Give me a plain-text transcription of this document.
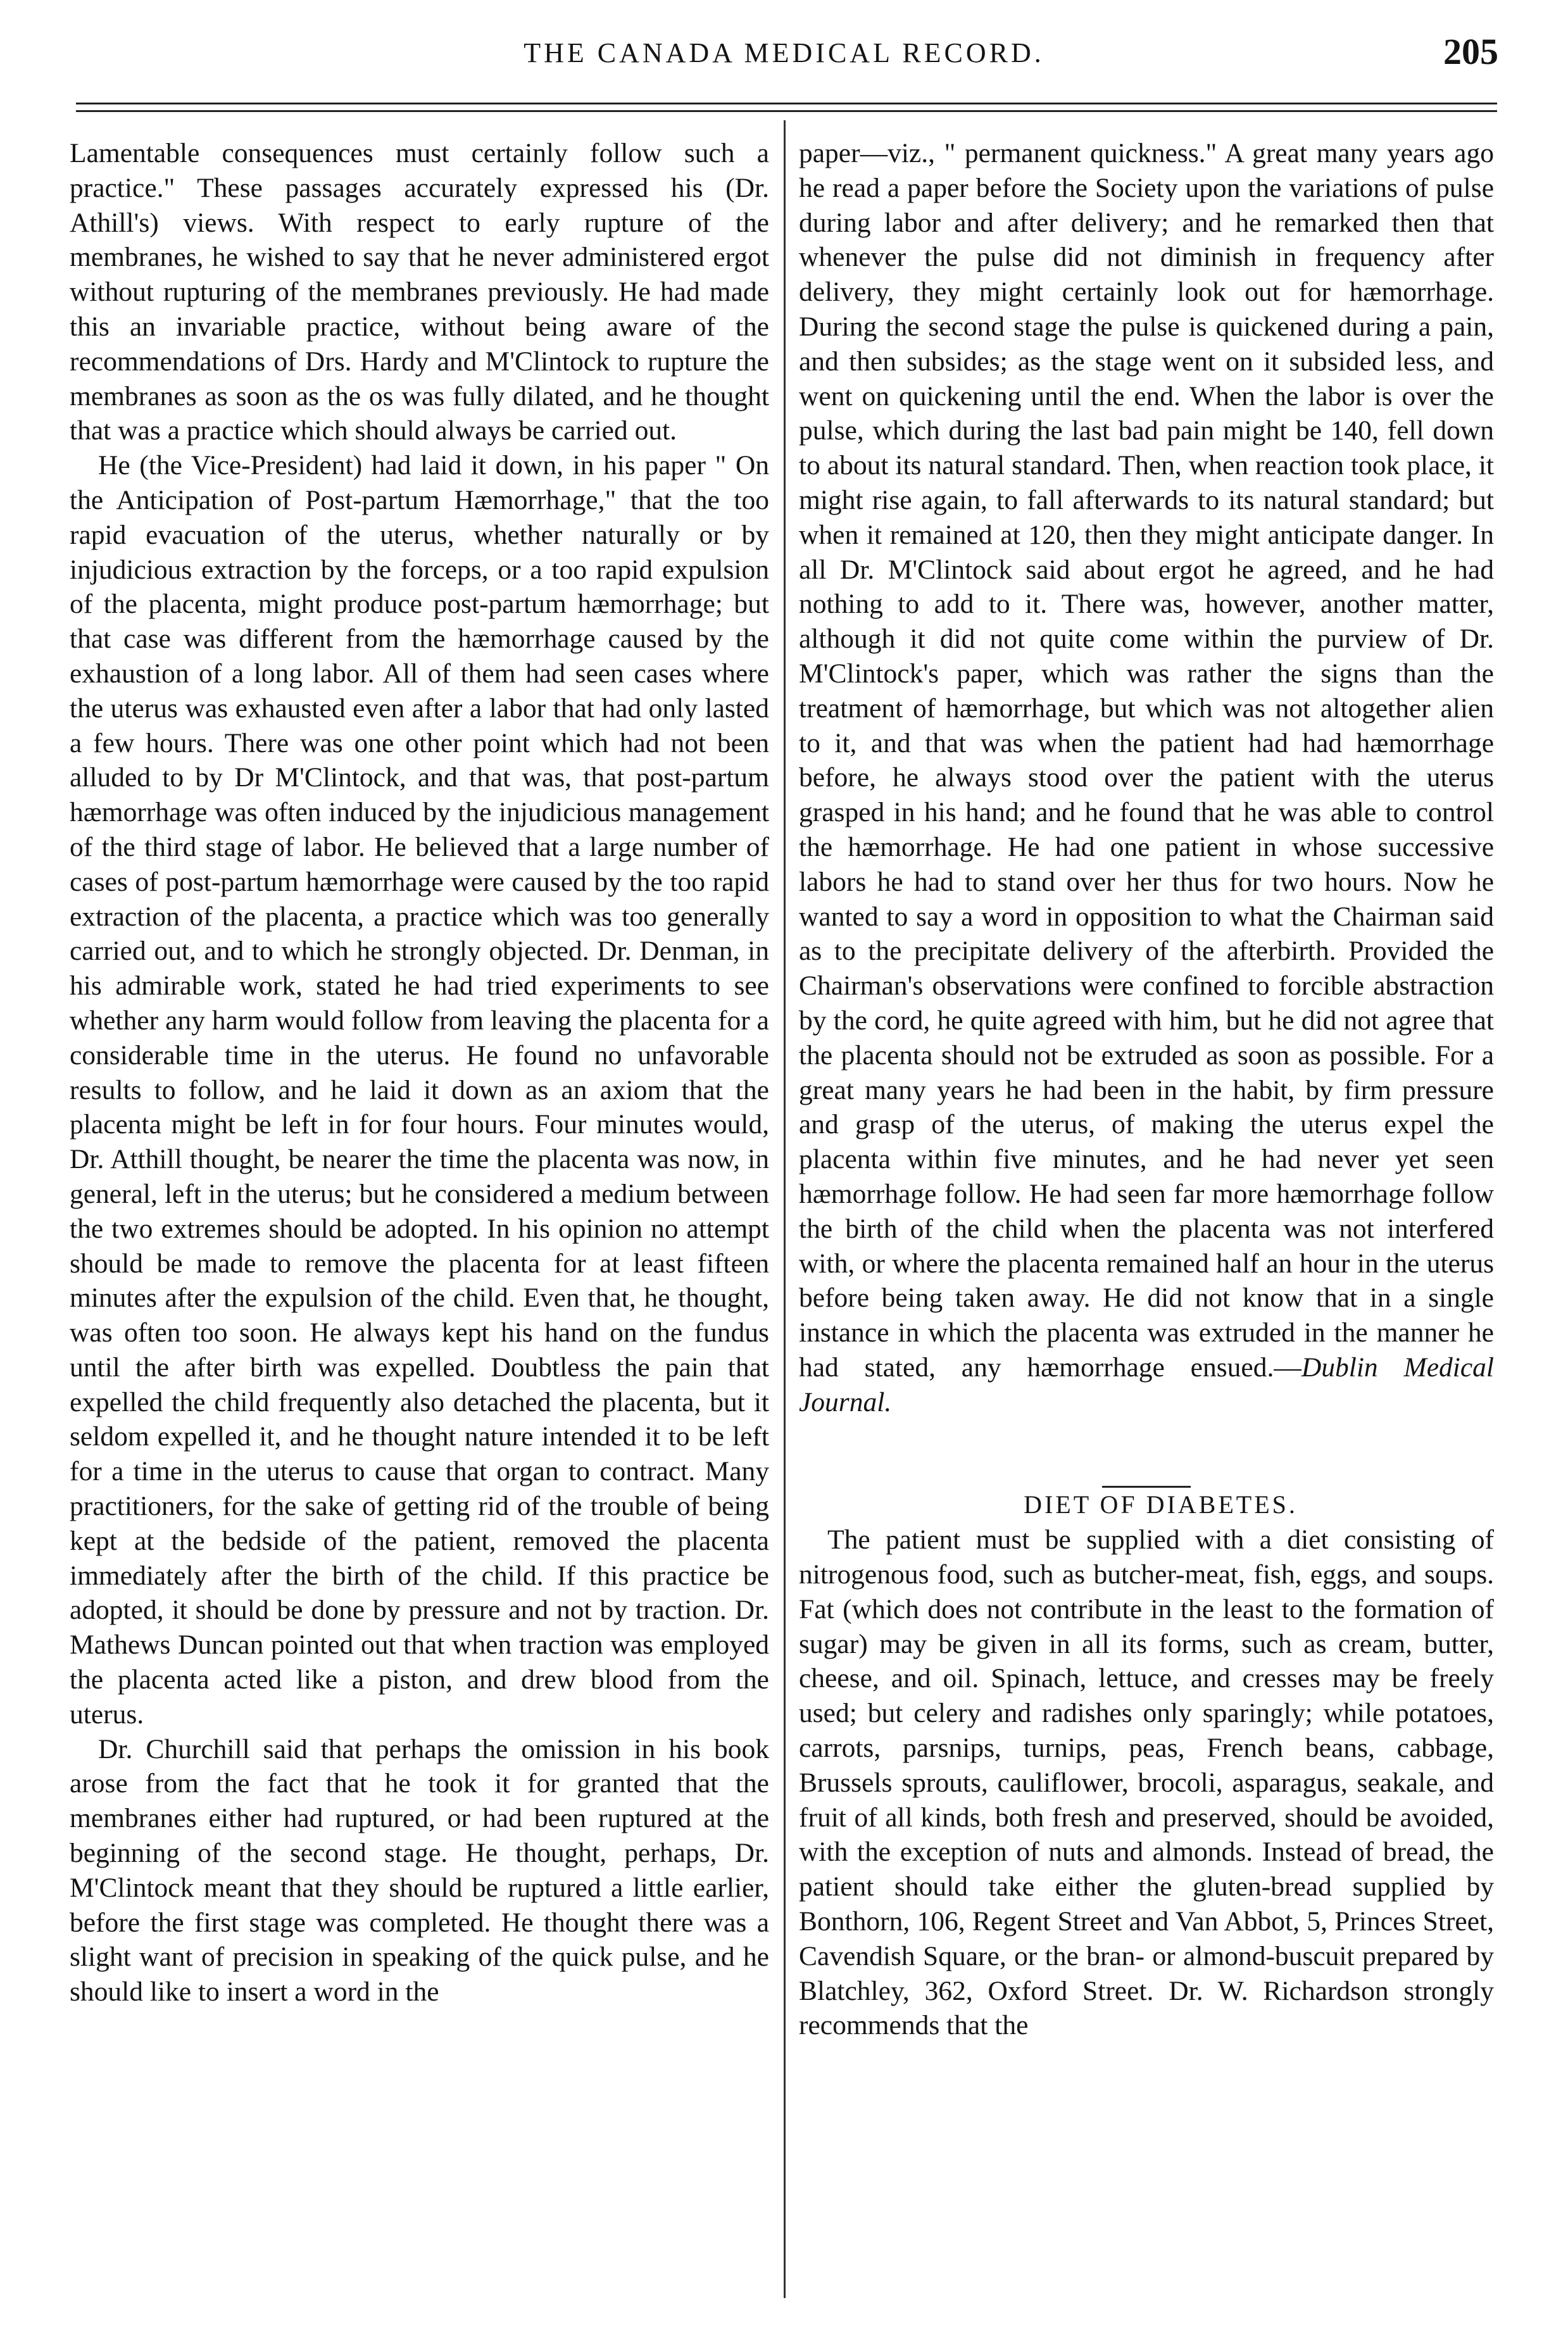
THE CANADA MEDICAL RECORD.	205

Lamentable consequences must certainly follow such a practice." These passages accurately expressed his (Dr. Athill's) views. With respect to early rupture of the membranes, he wished to say that he never administered ergot without rupturing of the membranes previously. He had made this an invariable practice, without being aware of the recommendations of Drs. Hardy and M'Clintock to rupture the membranes as soon as the os was fully dilated, and he thought that was a practice which should always be carried out.

He (the Vice-President) had laid it down, in his paper " On the Anticipation of Post-partum Hæmorrhage," that the too rapid evacuation of the uterus, whether naturally or by injudicious extraction by the forceps, or a too rapid expulsion of the placenta, might produce post-partum hæmorrhage; but that case was different from the hæmorrhage caused by the exhaustion of a long labor. All of them had seen cases where the uterus was exhausted even after a labor that had only lasted a few hours. There was one other point which had not been alluded to by Dr M'Clintock, and that was, that post-partum hæmorrhage was often induced by the injudicious management of the third stage of labor. He believed that a large number of cases of post-partum hæmorrhage were caused by the too rapid extraction of the placenta, a practice which was too generally carried out, and to which he strongly objected. Dr. Denman, in his admirable work, stated he had tried experiments to see whether any harm would follow from leaving the placenta for a considerable time in the uterus. He found no unfavorable results to follow, and he laid it down as an axiom that the placenta might be left in for four hours. Four minutes would, Dr. Atthill thought, be nearer the time the placenta was now, in general, left in the uterus; but he considered a medium between the two extremes should be adopted. In his opinion no attempt should be made to remove the placenta for at least fifteen minutes after the expulsion of the child. Even that, he thought, was often too soon. He always kept his hand on the fundus until the after birth was expelled. Doubtless the pain that expelled the child frequently also detached the placenta, but it seldom expelled it, and he thought nature intended it to be left for a time in the uterus to cause that organ to contract. Many practitioners, for the sake of getting rid of the trouble of being kept at the bedside of the patient, removed the placenta immediately after the birth of the child. If this practice be adopted, it should be done by pressure and not by traction. Dr. Mathews Duncan pointed out that when traction was employed the placenta acted like a piston, and drew blood from the uterus.

Dr. Churchill said that perhaps the omission in his book arose from the fact that he took it for granted that the membranes either had ruptured, or had been ruptured at the beginning of the second stage. He thought, perhaps, Dr. M'Clintock meant that they should be ruptured a little earlier, before the first stage was completed. He thought there was a slight want of precision in speaking of the quick pulse, and he should like to insert a word in the

paper—viz., " permanent quickness." A great many years ago he read a paper before the Society upon the variations of pulse during labor and after delivery; and he remarked then that whenever the pulse did not diminish in frequency after delivery, they might certainly look out for hæmorrhage. During the second stage the pulse is quickened during a pain, and then subsides; as the stage went on it subsided less, and went on quickening until the end. When the labor is over the pulse, which during the last bad pain might be 140, fell down to about its natural standard. Then, when reaction took place, it might rise again, to fall afterwards to its natural standard; but when it remained at 120, then they might anticipate danger. In all Dr. M'Clintock said about ergot he agreed, and he had nothing to add to it. There was, however, another matter, although it did not quite come within the purview of Dr. M'Clintock's paper, which was rather the signs than the treatment of hæmorrhage, but which was not altogether alien to it, and that was when the patient had had hæmorrhage before, he always stood over the patient with the uterus grasped in his hand; and he found that he was able to control the hæmorrhage. He had one patient in whose successive labors he had to stand over her thus for two hours. Now he wanted to say a word in opposition to what the Chairman said as to the precipitate delivery of the afterbirth. Provided the Chairman's observations were confined to forcible abstraction by the cord, he quite agreed with him, but he did not agree that the placenta should not be extruded as soon as possible. For a great many years he had been in the habit, by firm pressure and grasp of the uterus, of making the uterus expel the placenta within five minutes, and he had never yet seen hæmorrhage follow. He had seen far more hæmorrhage follow the birth of the child when the placenta was not interfered with, or where the placenta remained half an hour in the uterus before being taken away. He did not know that in a single instance in which the placenta was extruded in the manner he had stated, any hæmorrhage ensued.—Dublin Medical Journal.

DIET OF DIABETES.

The patient must be supplied with a diet consisting of nitrogenous food, such as butcher-meat, fish, eggs, and soups. Fat (which does not contribute in the least to the formation of sugar) may be given in all its forms, such as cream, butter, cheese, and oil. Spinach, lettuce, and cresses may be freely used; but celery and radishes only sparingly; while potatoes, carrots, parsnips, turnips, peas, French beans, cabbage, Brussels sprouts, cauliflower, brocoli, asparagus, seakale, and fruit of all kinds, both fresh and preserved, should be avoided, with the exception of nuts and almonds. Instead of bread, the patient should take either the gluten-bread supplied by Bonthorn, 106, Regent Street and Van Abbot, 5, Princes Street, Cavendish Square, or the bran- or almond-buscuit prepared by Blatchley, 362, Oxford Street. Dr. W. Richardson strongly recommends that the
